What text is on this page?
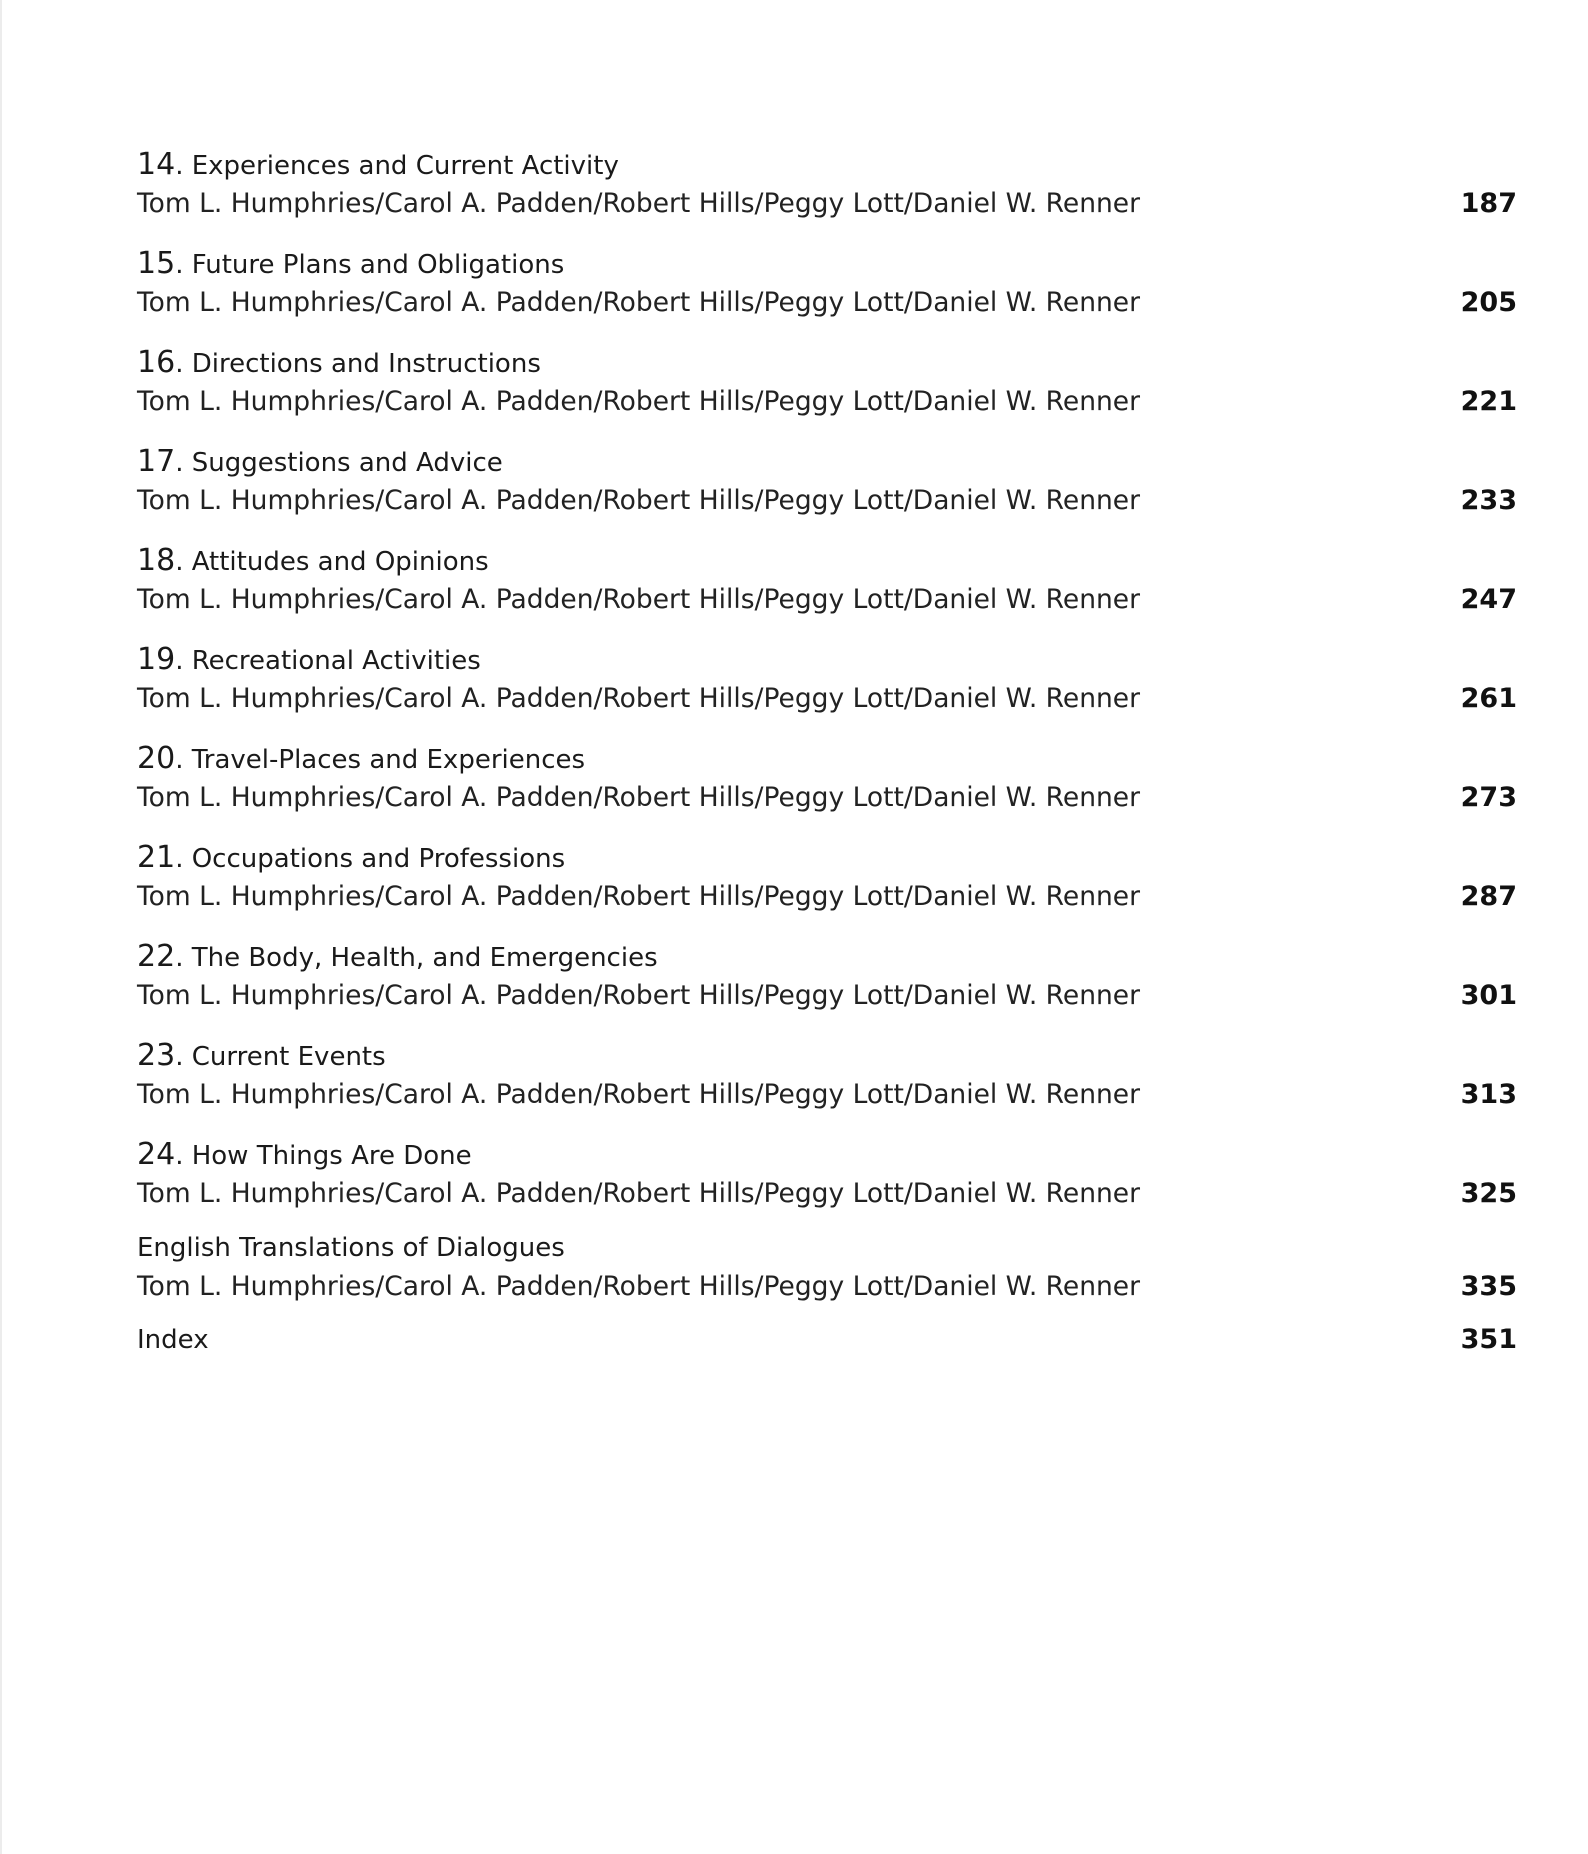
14. Experiences and Current Activity
Tom L. Humphries/Carol A. Padden/Robert Hills/Peggy Lott/Daniel W. Renner	187
15. Future Plans and Obligations
Tom L. Humphries/Carol A. Padden/Robert Hills/Peggy Lott/Daniel W. Renner	205
16. Directions and Instructions
Tom L. Humphries/Carol A. Padden/Robert Hills/Peggy Lott/Daniel W. Renner	221
17. Suggestions and Advice
Tom L. Humphries/Carol A. Padden/Robert Hills/Peggy Lott/Daniel W. Renner	233
18. Attitudes and Opinions
Tom L. Humphries/Carol A. Padden/Robert Hills/Peggy Lott/Daniel W. Renner	247
19. Recreational Activities
Tom L. Humphries/Carol A. Padden/Robert Hills/Peggy Lott/Daniel W. Renner	261
20. Travel-Places and Experiences
Tom L. Humphries/Carol A. Padden/Robert Hills/Peggy Lott/Daniel W. Renner	273
21. Occupations and Professions
Tom L. Humphries/Carol A. Padden/Robert Hills/Peggy Lott/Daniel W. Renner	287
22. The Body, Health, and Emergencies
Tom L. Humphries/Carol A. Padden/Robert Hills/Peggy Lott/Daniel W. Renner	301
23. Current Events
Tom L. Humphries/Carol A. Padden/Robert Hills/Peggy Lott/Daniel W. Renner	313
24. How Things Are Done
Tom L. Humphries/Carol A. Padden/Robert Hills/Peggy Lott/Daniel W. Renner	325
English Translations of Dialogues
Tom L. Humphries/Carol A. Padden/Robert Hills/Peggy Lott/Daniel W. Renner	335
Index	351
